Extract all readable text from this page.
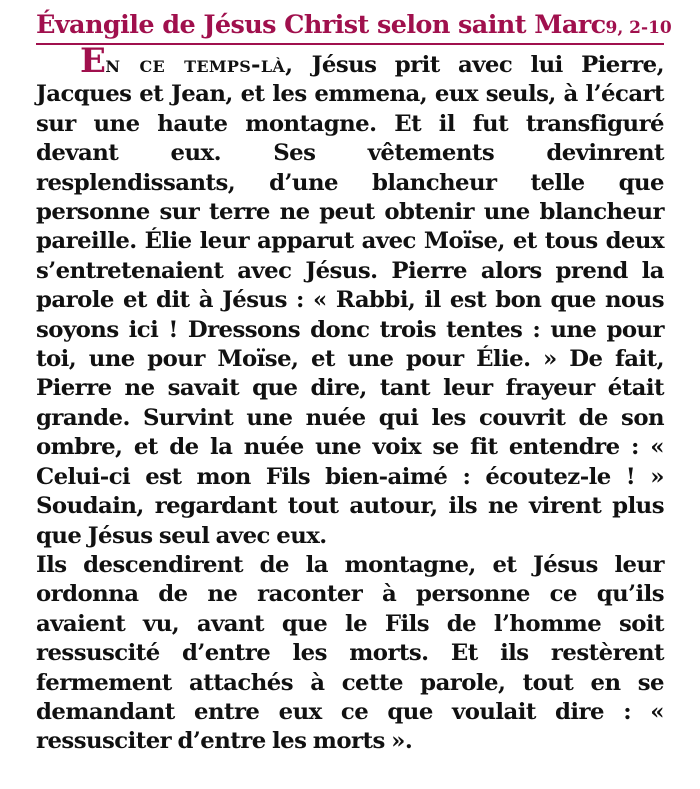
Évangile de Jésus Christ selon saint Marc 9, 2-10

En ce temps-là, Jésus prit avec lui Pierre, Jacques et Jean, et les emmena, eux seuls, à l’écart sur une haute montagne. Et il fut transfiguré devant eux. Ses vêtements devinrent resplendissants, d’une blancheur telle que personne sur terre ne peut obtenir une blancheur pareille. Élie leur apparut avec Moïse, et tous deux s’entretenaient avec Jésus. Pierre alors prend la parole et dit à Jésus : « Rabbi, il est bon que nous soyons ici ! Dressons donc trois tentes : une pour toi, une pour Moïse, et une pour Élie. » De fait, Pierre ne savait que dire, tant leur frayeur était grande. Survint une nuée qui les couvrit de son ombre, et de la nuée une voix se fit entendre : « Celui-ci est mon Fils bien-aimé : écoutez-le ! » Soudain, regardant tout autour, ils ne virent plus que Jésus seul avec eux.

Ils descendirent de la montagne, et Jésus leur ordonna de ne raconter à personne ce qu’ils avaient vu, avant que le Fils de l’homme soit ressuscité d’entre les morts. Et ils restèrent fermement attachés à cette parole, tout en se demandant entre eux ce que voulait dire : « ressusciter d’entre les morts ».
